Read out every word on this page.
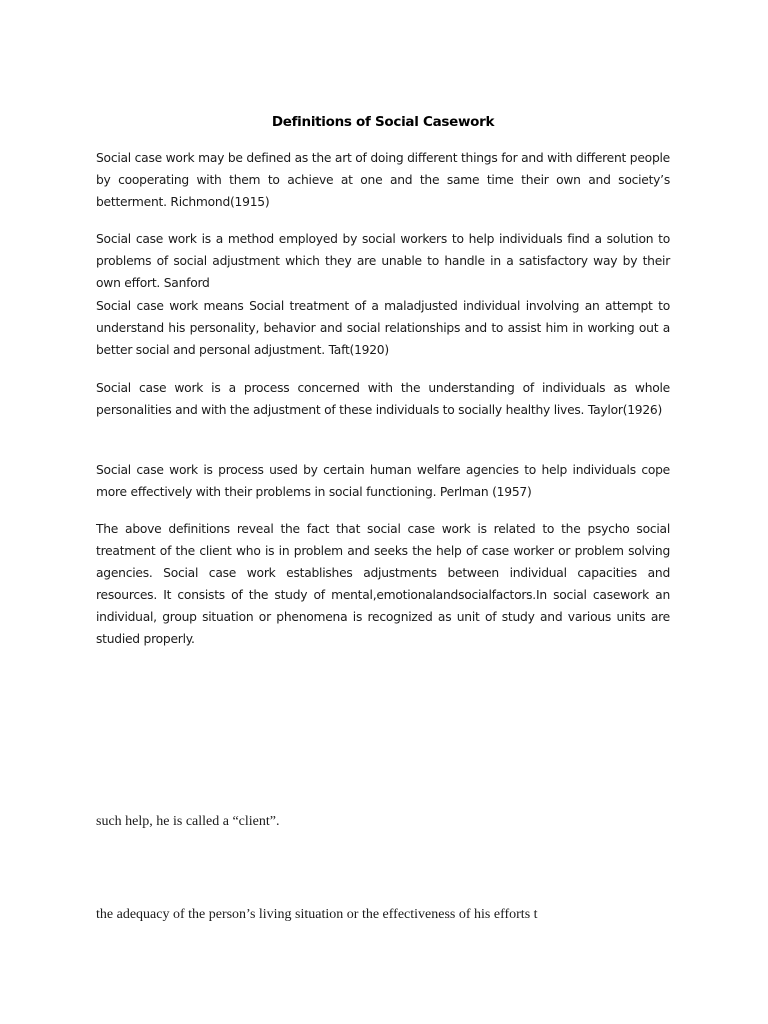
Definitions of Social Casework

Social case work may be defined as the art of doing different things for and with different people by cooperating with them to achieve at one and the same time their own and society’s betterment. Richmond(1915)

Social case work is a method employed by social workers to help individuals find a solution to problems of social adjustment which they are unable to handle in a satisfactory way by their own effort. Sanford

Social case work means Social treatment of a maladjusted individual involving an attempt to understand his personality, behavior and social relationships and to assist him in working out a better social and personal adjustment. Taft(1920)

Social case work is a process concerned with the understanding of individuals as whole personalities and with the adjustment of these individuals to socially healthy lives. Taylor(1926)

Social case work is process used by certain human welfare agencies to help individuals cope more effectively with their problems in social functioning. Perlman (1957)

The above definitions reveal the fact that social case work is related to the psycho social treatment of the client who is in problem and seeks the help of case worker or problem solving agencies. Social case work establishes adjustments between individual capacities and resources. It consists of the study of mental,emotionalandsocialfactors.In social casework an individual, group situation or phenomena is recognized as unit of study and various units are studied properly.

such help, he is called a “client”.

the adequacy of the person’s living situation or the effectiveness of his efforts t
